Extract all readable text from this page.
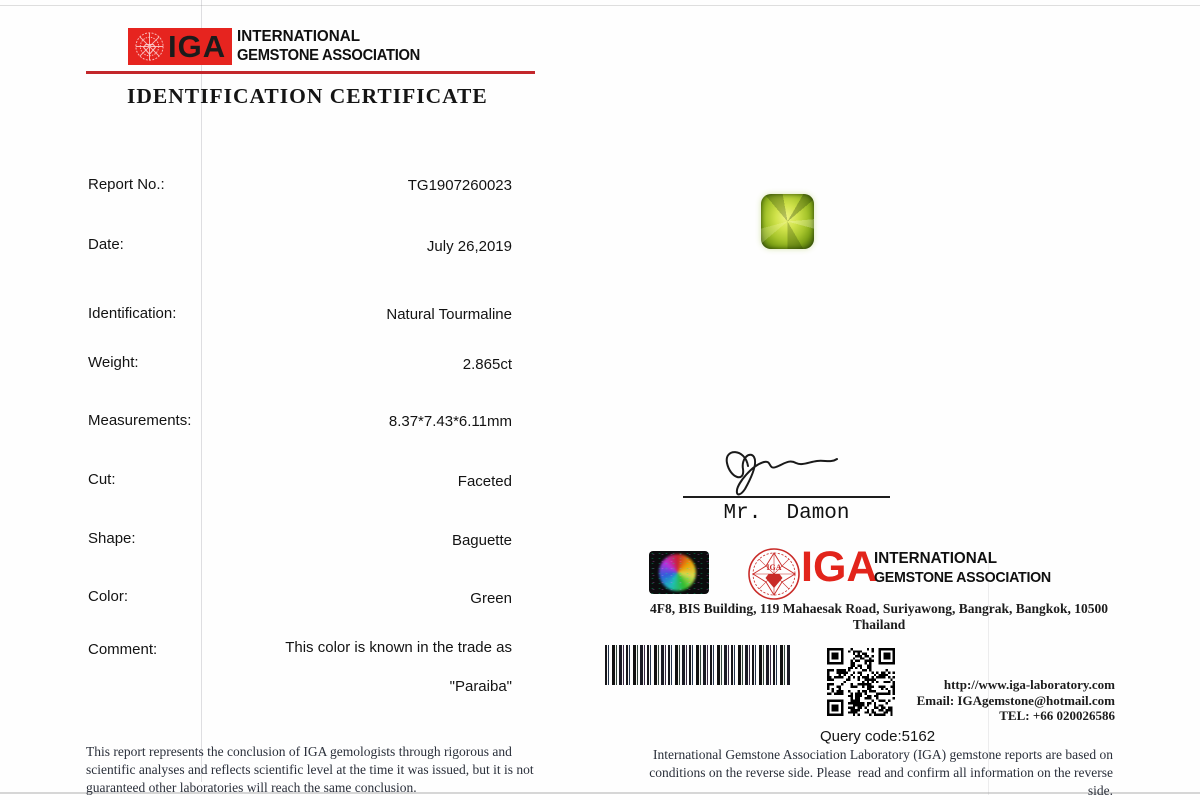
IGA INTERNATIONAL
GEMSTONE ASSOCIATION
IDENTIFICATION CERTIFICATE
Report No.:	TG1907260023
Date:	July 26,2019
Identification:	Natural Tourmaline
Weight:	2.865ct
Measurements:	8.37*7.43*6.11mm
Cut:	Faceted
Shape:	Baguette
Color:	Green
Comment:	This color is known in the trade as
"Paraiba"

This report represents the conclusion of IGA gemologists through rigorous and scientific analyses and reflects scientific level at the time it was issued, but it is not guaranteed other laboratories will reach the same conclusion.

Mr.  Damon
IGA IGA
INTERNATIONAL
GEMSTONE ASSOCIATION
4F8, BIS Building, 119 Mahaesak Road, Suriyawong, Bangrak, Bangkok, 10500 Thailand
http://www.iga-laboratory.com
Email: IGAgemstone@hotmail.com
TEL: +66 020026586
Query code:5162

International Gemstone Association Laboratory (IGA) gemstone reports are based on conditions on the reverse side. Please  read and confirm all information on the reverse side.
